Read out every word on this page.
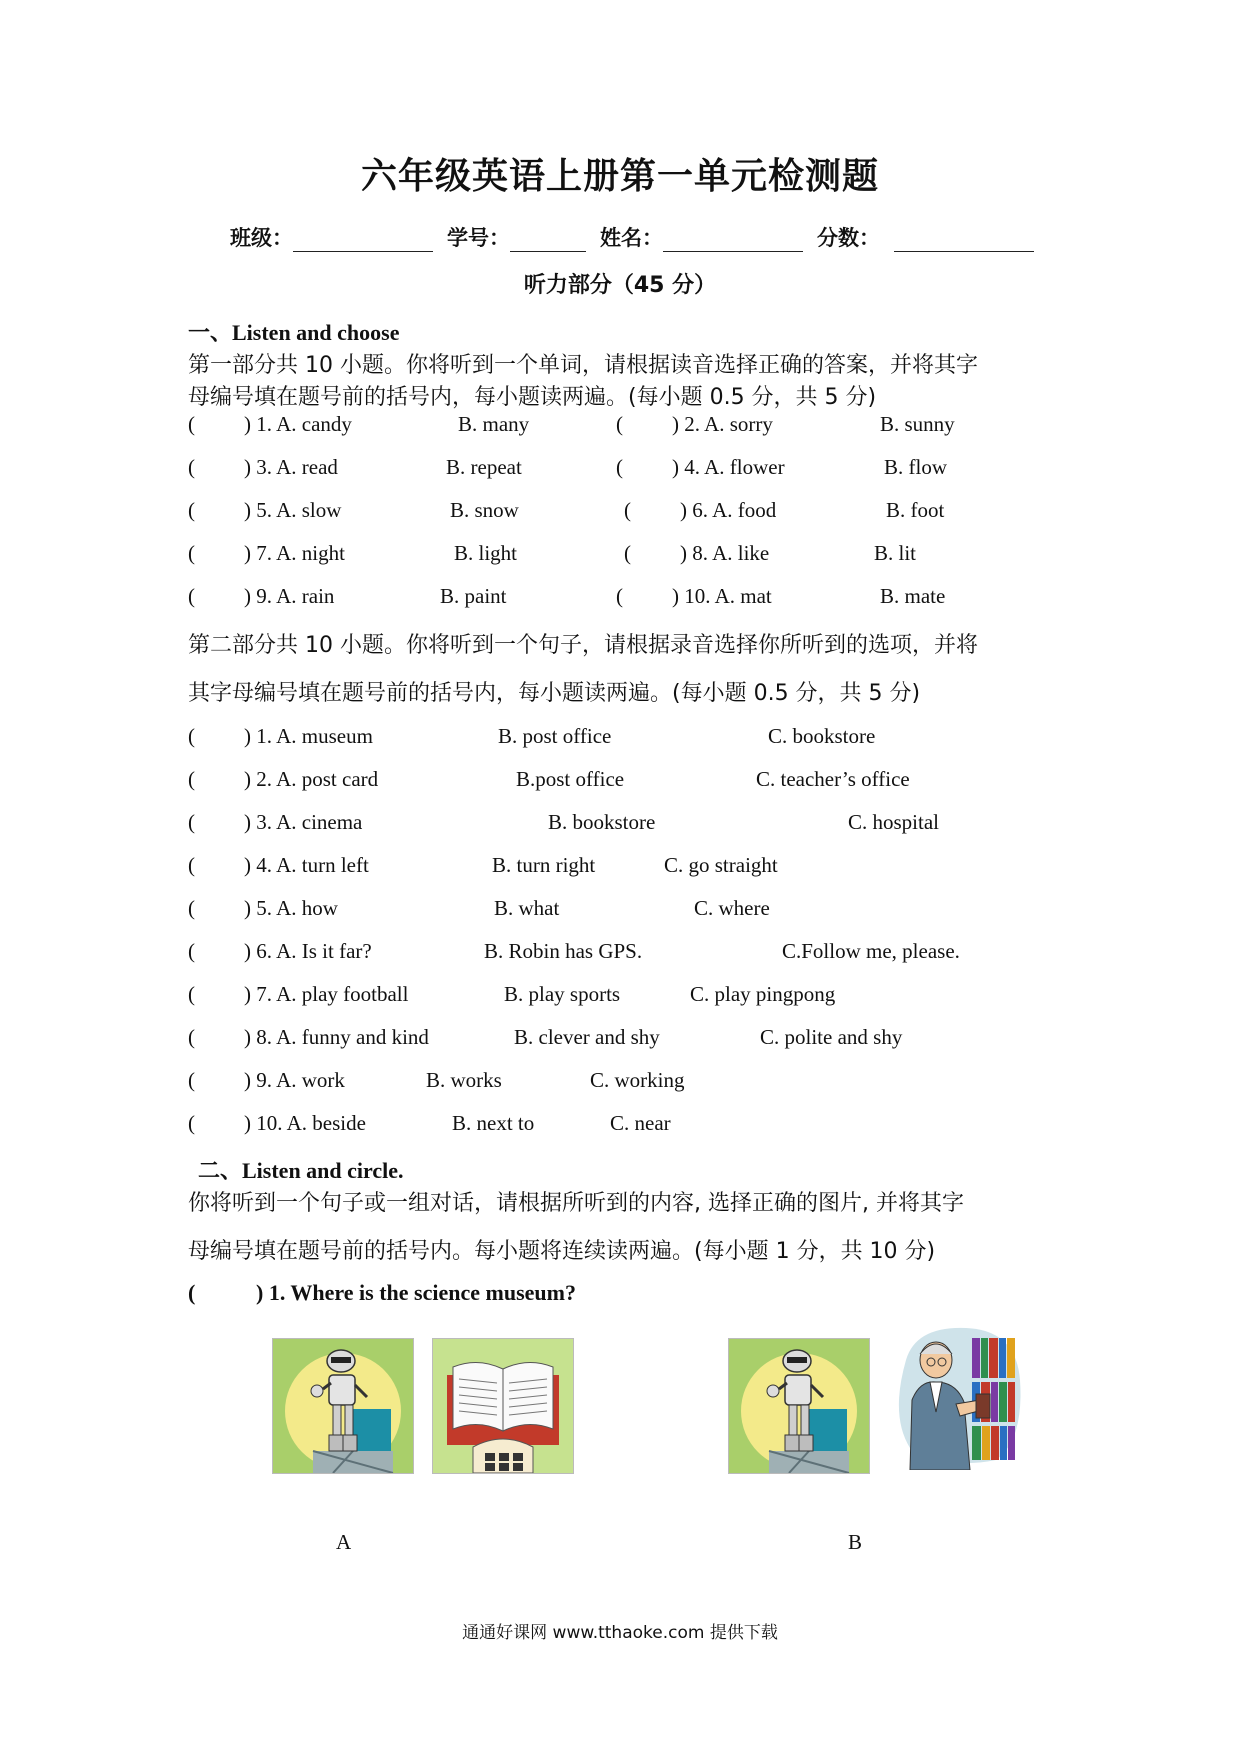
六年级英语上册第一单元检测题
班级：	学号：	姓名：	分数：
听力部分（45 分）
一、Listen and choose
第一部分共 10 小题。你将听到一个单词，请根据读音选择正确的答案，并将其字
母编号填在题号前的括号内，每小题读两遍。(每小题 0.5 分，共 5 分)
( ) 1. A. candy	B. many	( ) 2. A. sorry	B. sunny
( ) 3. A. read	B. repeat	( ) 4. A. flower	B. flow
( ) 5. A. slow	B. snow	( ) 6. A. food	B. foot
( ) 7. A. night	B. light	( ) 8. A. like	B. lit
( ) 9. A. rain	B. paint	( ) 10. A. mat	B. mate
第二部分共 10 小题。你将听到一个句子，请根据录音选择你所听到的选项，并将
其字母编号填在题号前的括号内，每小题读两遍。(每小题 0.5 分，共 5 分)
( ) 1. A. museum	B. post office	C. bookstore
( ) 2. A. post card	B.post office	C. teacher’s office
( ) 3. A. cinema	B. bookstore	C. hospital
( ) 4. A. turn left	B. turn right	C. go straight
( ) 5. A. how	B. what	C. where
( ) 6. A. Is it far?	B. Robin has GPS.	C.Follow me, please.
( ) 7. A. play football	B. play sports	C. play pingpong
( ) 8. A. funny and kind	B. clever and shy	C. polite and shy
( ) 9. A. work	B. works	C. working
( ) 10. A. beside	B. next to	C. near
二、Listen and circle.
你将听到一个句子或一组对话，请根据所听到的内容, 选择正确的图片, 并将其字
母编号填在题号前的括号内。每小题将连续读两遍。(每小题 1 分，共 10 分)
(	) 1. Where is the science museum?
A	B
通通好课网 www.tthaoke.com 提供下载
